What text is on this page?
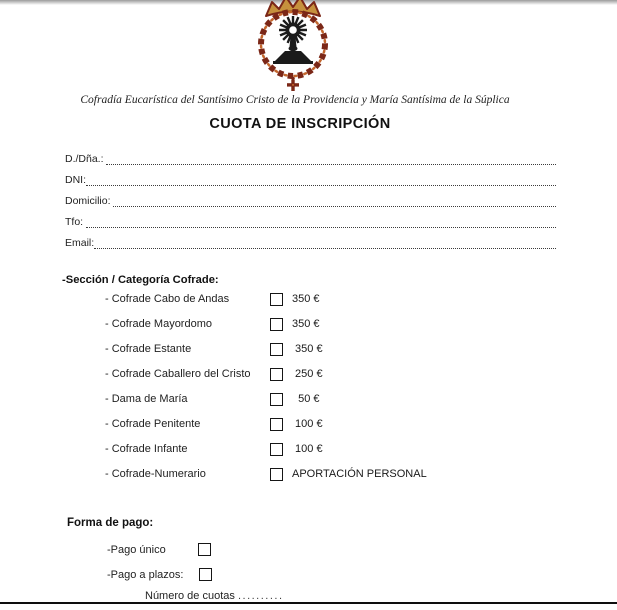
Cofradía Eucarística del Santísimo Cristo de la Providencia y María Santísima de la Súplica
CUOTA DE INSCRIPCIÓN
D./Dña.:
DNI:
Domicilio:
Tfo:
Email:
-Sección / Categoría Cofrade:
- Cofrade Cabo de Andas	350 €
- Cofrade Mayordomo	350 €
- Cofrade Estante	350 €
- Cofrade Caballero del Cristo	250 €
- Dama de María	50 €
- Cofrade Penitente	100 €
- Cofrade Infante	100 €
- Cofrade-Numerario	APORTACIÓN PERSONAL
Forma de pago:
-Pago único
-Pago a plazos:
Número de cuotas ..........
